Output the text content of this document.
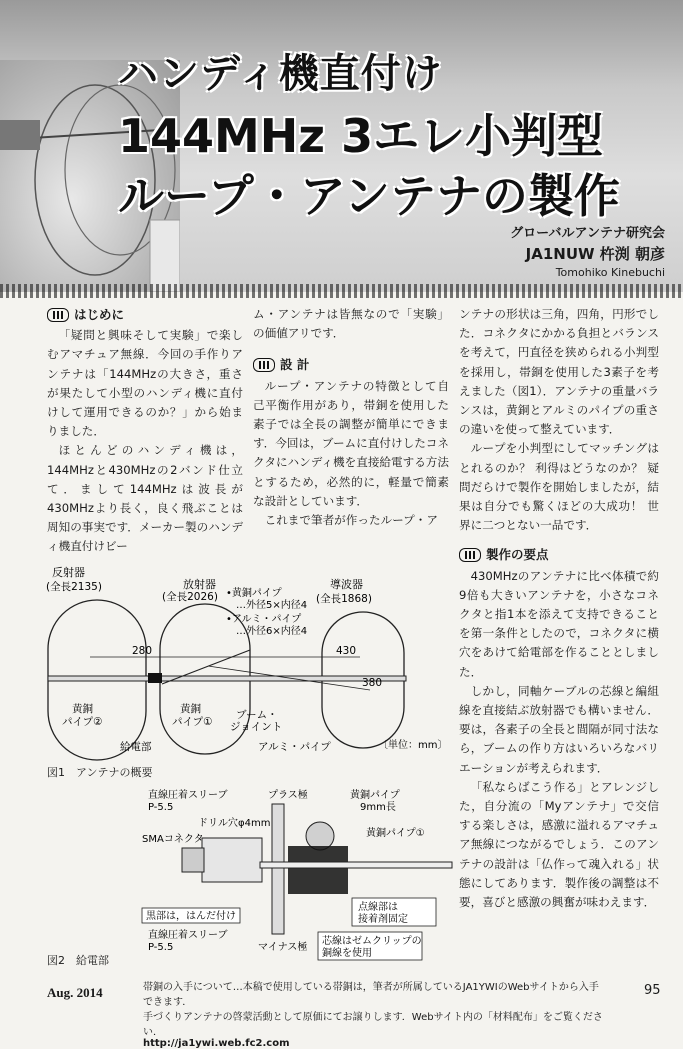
ハンディ機直付け
144MHz 3エレ小判型
ループ・アンテナの製作
グローバルアンテナ研究会
JA1NUW 杵渕 朝彦
Tomohiko Kinebuchi
はじめに

「疑問と興味そして実験」で楽しむアマチュア無線．今回の手作りアンテナは「144MHzの大きさ，重さが果たして小型のハンディ機に直付けして運用できるのか？」から始まりました．

ほとんどのハンディ機は，144MHzと430MHzの2バンド仕立て．まして144MHzは波長が430MHzより長く，良く飛ぶことは周知の事実です．メーカー製のハンディ機直付けビー

ム・アンテナは皆無なので「実験」の価値アリです．

設 計

ループ・アンテナの特徴として自己平衡作用があり，帯銅を使用した素子では全長の調整が簡単にできます．今回は，ブームに直付けしたコネクタにハンディ機を直接給電する方法とするため，必然的に，軽量で簡素な設計としています．

これまで筆者が作ったループ・ア

ンテナの形状は三角，四角，円形でした．コネクタにかかる負担とバランスを考えて，円直径を狭められる小判型を採用し，帯銅を使用した3素子を考えました（図1）．アンテナの重量バランスは，黄銅とアルミのパイプの重さの違いを使って整えています．

ループを小判型にしてマッチングはとれるのか？ 利得はどうなのか？ 疑問だらけで製作を開始しましたが，結果は自分でも驚くほどの大成功！ 世界に二つとない一品です．

製作の要点

430MHzのアンテナに比べ体積で約9倍も大きいアンテナを，小さなコネクタと指1本を添えて支持できることを第一条件としたので，コネクタに横穴をあけて給電部を作ることとしました．

しかし，同軸ケーブルの芯線と編組線を直接結ぶ放射器でも構いません．要は，各素子の全長と間隔が同寸法なら，ブームの作り方はいろいろなバリエーションが考えられます．

「私ならばこう作る」とアレンジした，自分流の「Myアンテナ」で交信する楽しさは，感激に溢れるアマチュア無線につながるでしょう．このアンテナの設計は「仏作って魂入れる」状態にしてあります．製作後の調整は不要，喜びと感激の興奮が味わえます．

反射器
(全長2135)	放射器
(全長2026)
導波器
(全長1868)
•黄銅パイプ
…外径5×内径4
•アルミ・パイプ
…外径6×内径4
280	430
380
黄銅
パイプ②
黄銅
パイプ①
給電部
ブーム・
ジョイント
アルミ・パイプ	〔単位：mm〕
図1　アンテナの概要
直線圧着スリーブ
P-5.5
ドリル穴φ4mm
プラス極	黄銅パイプ
9mm長
黄銅パイプ①
SMAコネクタ
黒部は，はんだ付け
点線部は
接着剤固定
直線圧着スリーブ
P-5.5	マイナス極
芯線はゼムクリップの
銅線を使用
図2　給電部
Aug. 2014	帯銅の入手について…本稿で使用している帯銅は，筆者が所属しているJA1YWIのWebサイトから入手できます．
手づくりアンテナの啓蒙活動として原価にてお譲りします．Webサイト内の「材料配布」をご覧ください．
http://ja1ywi.web.fc2.com
95
